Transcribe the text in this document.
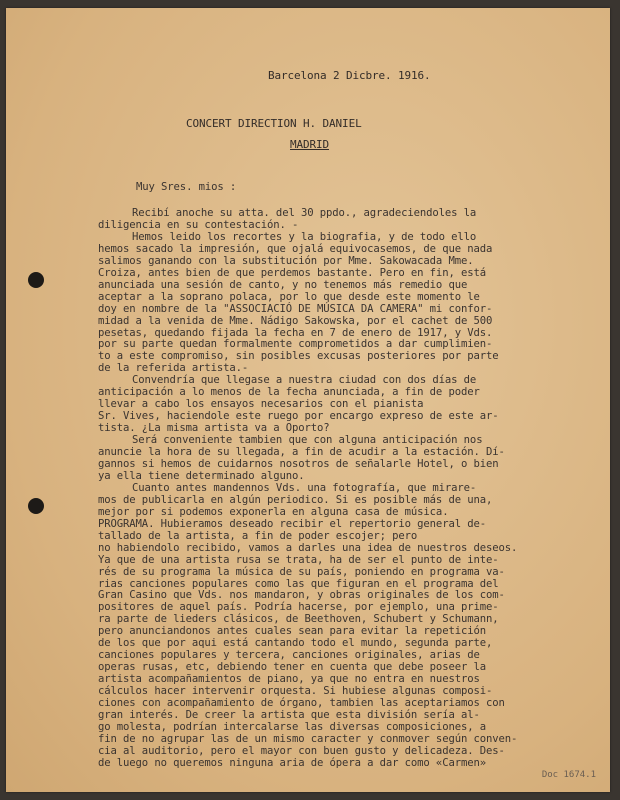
Barcelona 2 Dicbre. 1916.
CONCERT DIRECTION H. DANIEL
MADRID
Muy Sres. mios :
Recibí anoche su atta. del 30 ppdo., agradeciendoles la
diligencia en su contestación. -
Hemos leido los recortes y la biografia, y de todo ello
hemos sacado la impresión, que ojalá equivocasemos, de que nada
salimos ganando con la substitución por Mme. Sakowacada Mme.
Croiza, antes bien de que perdemos bastante. Pero en fin, está
anunciada una sesión de canto, y no tenemos más remedio que
aceptar a la soprano polaca, por lo que desde este momento le
doy en nombre de la "ASSOCIACIÓ DE MÚSICA DA CAMERA" mi confor-
midad a la venida de Mme. Nádigo Sakowska, por el cachet de 500
pesetas, quedando fijada la fecha en 7 de enero de 1917, y Vds.
por su parte quedan formalmente comprometidos a dar cumplimien-
to a este compromiso, sin posibles excusas posteriores por parte
de la referida artista.-
Convendría que llegase a nuestra ciudad con dos días de
anticipación a lo menos de la fecha anunciada, a fin de poder
llevar a cabo los ensayos necesarios con el pianista
Sr. Vives, haciendole este ruego por encargo expreso de este ar-
tista. ¿La misma artista va a Oporto?
Será conveniente tambien que con alguna anticipación nos
anuncie la hora de su llegada, a fin de acudir a la estación. Dí-
gannos si hemos de cuidarnos nosotros de señalarle Hotel, o bien
ya ella tiene determinado alguno.
Cuanto antes mandennos Vds. una fotografía, que mirare-
mos de publicarla en algún periodico. Si es posible más de una,
mejor por si podemos exponerla en alguna casa de música.
PROGRAMA. Hubieramos deseado recibir el repertorio general de-
tallado de la artista, a fin de poder escojer; pero
no habiendolo recibido, vamos a darles una idea de nuestros deseos.
Ya que de una artista rusa se trata, ha de ser el punto de inte-
rés de su programa la música de su país, poniendo en programa va-
rias canciones populares como las que figuran en el programa del
Gran Casino que Vds. nos mandaron, y obras originales de los com-
positores de aquel país. Podría hacerse, por ejemplo, una prime-
ra parte de lieders clásicos, de Beethoven, Schubert y Schumann,
pero anunciandonos antes cuales sean para evitar la repetición
de los que por aqui está cantando todo el mundo, segunda parte,
canciones populares y tercera, canciones originales, arias de
operas rusas, etc, debiendo tener en cuenta que debe poseer la
artista acompañamientos de piano, ya que no entra en nuestros
cálculos hacer intervenir orquesta. Si hubiese algunas composi-
ciones con acompañamiento de órgano, tambien las aceptariamos con
gran interés. De creer la artista que esta división sería al-
go molesta, podrían intercalarse las diversas composiciones, a
fin de no agrupar las de un mismo caracter y conmover según conven-
cia al auditorio, pero el mayor con buen gusto y delicadeza. Des-
de luego no queremos ninguna aria de ópera a dar como «Carmen»
Doc 1674.1
